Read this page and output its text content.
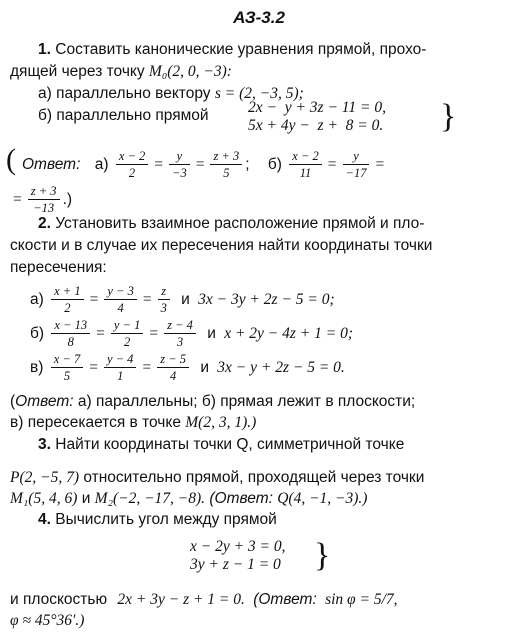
АЗ-3.2
1. Составить канонические уравнения прямой, прохо-
дящей через точку M₀(2, 0, −3):
а) параллельно вектору s = (2, −3, 5);
б) параллельно прямой	2x −  y + 3z − 11 = 0,
5x + 4y −  z +  8 = 0. }
( Ответ: $а) \frac{x - 2}{2} = \frac{y}{-3} = \frac{z + 3}{5}$ ; $б) \frac{x - 2}{11} = \frac{y}{-17}$ =
= $\frac{z + 3}{-13}$ .)
2. Установить взаимное расположение прямой и пло-
скости и в случае их пересечения найти координаты точки
пересечения:
$а) \frac{x + 1}{2} = \frac{y - 3}{4} = \frac{z}{3}$ и 3x − 3y + 2z − 5 = 0;
$б) \frac{x - 13}{8} = \frac{y - 1}{2} = \frac{z - 4}{3}$ и x + 2y − 4z + 1 = 0;
$в) \frac{x - 7}{5} = \frac{y - 4}{1} = \frac{z - 5}{4}$ и 3x − y + 2z − 5 = 0.
(Ответ: а) параллельны; б) прямая лежит в плоскости;
в) пересекается в точке M(2, 3, 1).)
3. Найти координаты точки Q, симметричной точке
P(2, −5, 7) относительно прямой, проходящей через точки
M₁(5, 4, 6) и M₂(−2, −17, −8). (Ответ: Q(4, −1, −3).)
4. Вычислить угол между прямой
x − 2y + 3 = 0,
3y + z − 1 = 0 }
и плоскостью 2x + 3y − z + 1 = 0. (Ответ: sin φ = 5/7,
φ ≈ 45°36′.)
